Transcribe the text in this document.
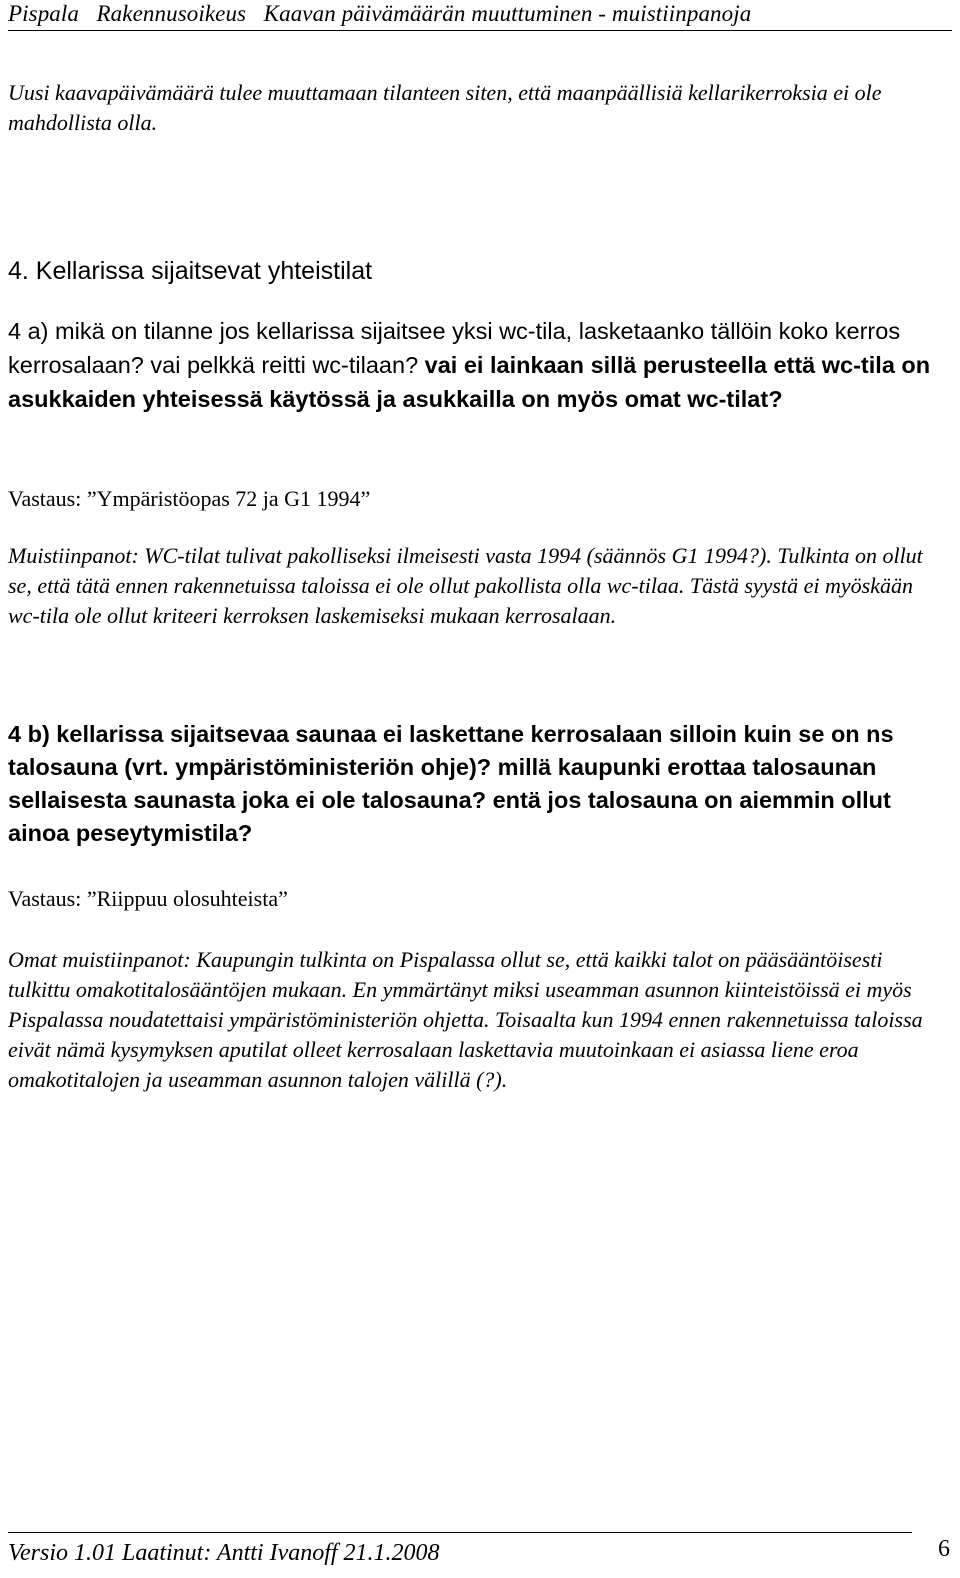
Pispala   Rakennusoikeus   Kaavan päivämäärän muuttuminen - muistiinpanoja

Uusi kaavapäivämäärä tulee muuttamaan tilanteen siten, että maanpäällisiä kellarikerroksia ei ole mahdollista olla.

4. Kellarissa sijaitsevat yhteistilat

4 a) mikä on tilanne jos kellarissa sijaitsee yksi wc-tila, lasketaanko tällöin koko kerros kerrosalaan? vai pelkkä reitti wc-tilaan? vai ei lainkaan sillä perusteella että wc-tila on asukkaiden yhteisessä käytössä ja asukkailla on myös omat wc-tilat?

Vastaus: ”Ympäristöopas 72 ja G1 1994”

Muistiinpanot: WC-tilat tulivat pakolliseksi ilmeisesti vasta 1994 (säännös G1 1994?). Tulkinta on ollut se, että tätä ennen rakennetuissa taloissa ei ole ollut pakollista olla wc-tilaa. Tästä syystä ei myöskään wc-tila ole ollut kriteeri kerroksen laskemiseksi mukaan kerrosalaan.

4 b) kellarissa sijaitsevaa saunaa ei laskettane kerrosalaan silloin kuin se on ns talosauna (vrt. ympäristöministeriön ohje)? millä kaupunki erottaa talosaunan sellaisesta saunasta joka ei ole talosauna? entä jos talosauna on aiemmin ollut ainoa peseytymistila?

Vastaus: ”Riippuu olosuhteista”

Omat muistiinpanot: Kaupungin tulkinta on Pispalassa ollut se, että kaikki talot on pääsääntöisesti tulkittu omakotitalosääntöjen mukaan. En ymmärtänyt miksi useamman asunnon kiinteistöissä ei myös Pispalassa noudatettaisi ympäristöministeriön ohjetta. Toisaalta kun 1994 ennen rakennetuissa taloissa eivät nämä kysymyksen aputilat olleet kerrosalaan laskettavia muutoinkaan ei asiassa liene eroa omakotitalojen ja useamman asunnon talojen välillä (?).

Versio 1.01 Laatinut: Antti Ivanoff 21.1.2008	6
